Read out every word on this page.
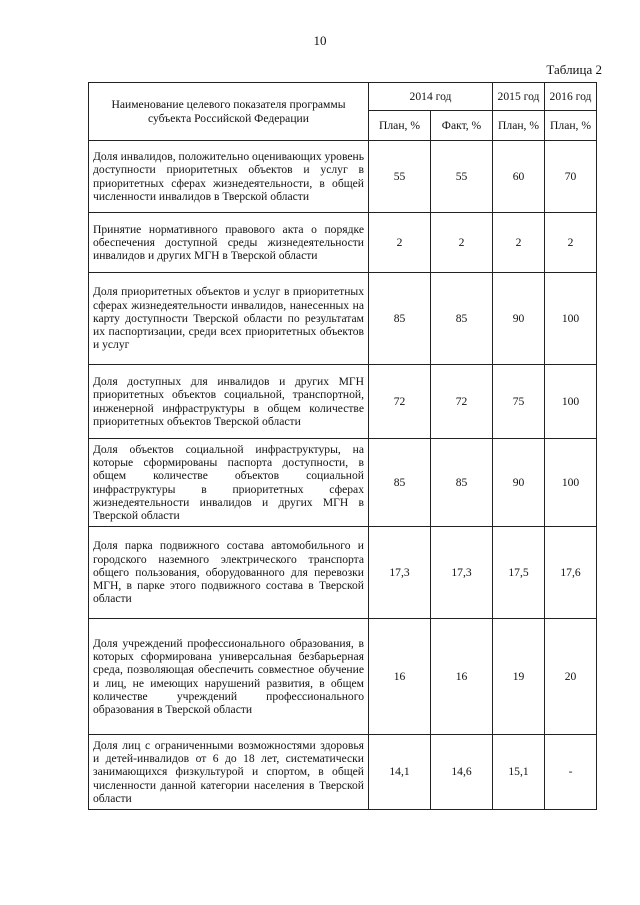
10
Таблица 2
Наименование целевого показателя программы субъекта Российской Федерации	2014 год		2015 год	2016 год
	План, %	Факт, %	План, %	План, %
Доля инвалидов, положительно оценивающих уровень доступности приоритетных объектов и услуг в приоритетных сферах жизнедеятельности, в общей численности инвалидов в Тверской области	55	55	60	70
Принятие нормативного правового акта о порядке обеспечения доступной среды жизнедеятельности инвалидов и других МГН в Тверской области	2	2	2	2
Доля приоритетных объектов и услуг в приоритетных сферах жизнедеятельности инвалидов, нанесенных на карту доступности Тверской области по результатам их паспортизации, среди всех приоритетных объектов и услуг	85	85	90	100
Доля доступных для инвалидов и других МГН приоритетных объектов социальной, транспортной, инженерной инфраструктуры в общем количестве приоритетных объектов Тверской области	72	72	75	100
Доля объектов социальной инфраструктуры, на которые сформированы паспорта доступности, в общем количестве объектов социальной инфраструктуры в приоритетных сферах жизнедеятельности инвалидов и других МГН в Тверской области	85	85	90	100
Доля парка подвижного состава автомобильного и городского наземного электрического транспорта общего пользования, оборудованного для перевозки МГН, в парке этого подвижного состава в Тверской области	17,3	17,3	17,5	17,6
Доля учреждений профессионального образования, в которых сформирована универсальная безбарьерная среда, позволяющая обеспечить совместное обучение и лиц, не имеющих нарушений развития, в общем количестве учреждений профессионального образования в Тверской области	16	16	19	20
Доля лиц с ограниченными возможностями здоровья и детей-инвалидов от 6 до 18 лет, систематически занимающихся физкультурой и спортом, в общей численности данной категории населения в Тверской области	14,1	14,6	15,1	-
